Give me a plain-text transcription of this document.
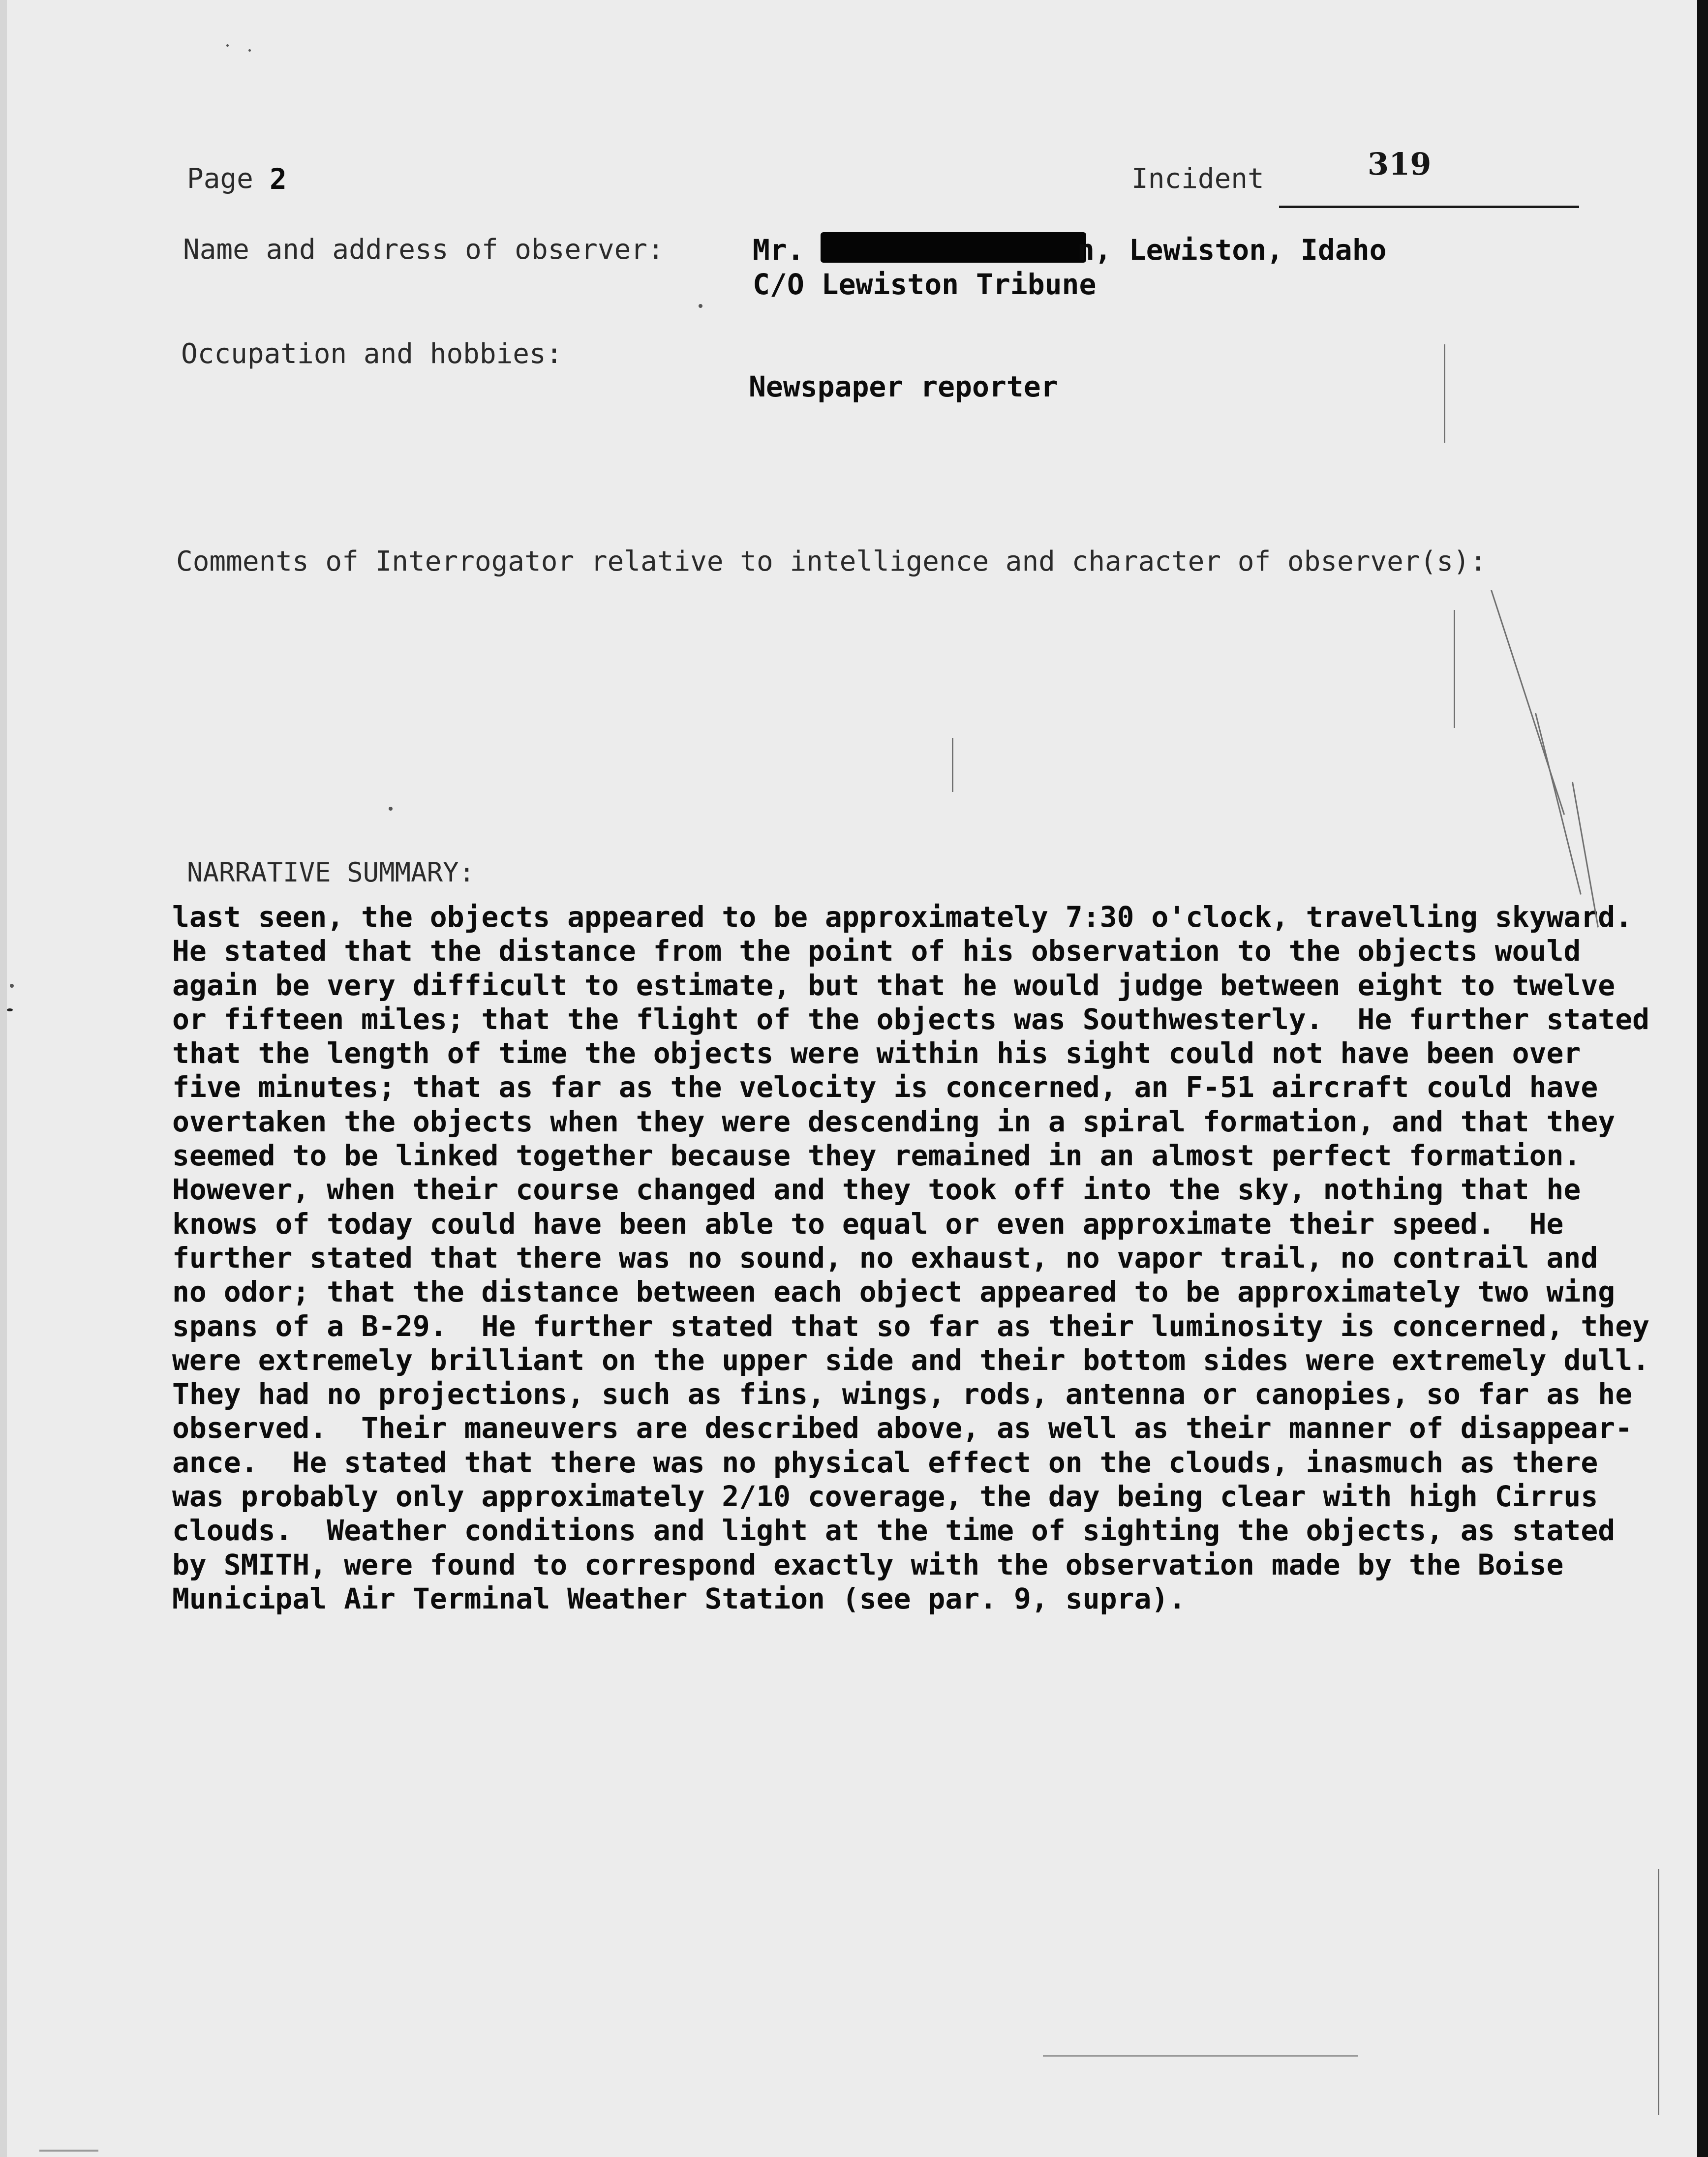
Page 2	Incident	319
Name and address of observer:	Mr.	n, Lewiston, Idaho
C/O Lewiston Tribune
Occupation and hobbies:
Newspaper reporter
Comments of Interrogator relative to intelligence and character of observer(s):
NARRATIVE SUMMARY:
last seen, the objects appeared to be approximately 7:30 o'clock, travelling skyward.
He stated that the distance from the point of his observation to the objects would
again be very difficult to estimate, but that he would judge between eight to twelve
or fifteen miles; that the flight of the objects was Southwesterly.  He further stated
that the length of time the objects were within his sight could not have been over
five minutes; that as far as the velocity is concerned, an F-51 aircraft could have
overtaken the objects when they were descending in a spiral formation, and that they
seemed to be linked together because they remained in an almost perfect formation.
However, when their course changed and they took off into the sky, nothing that he
knows of today could have been able to equal or even approximate their speed.  He
further stated that there was no sound, no exhaust, no vapor trail, no contrail and
no odor; that the distance between each object appeared to be approximately two wing
spans of a B-29.  He further stated that so far as their luminosity is concerned, they
were extremely brilliant on the upper side and their bottom sides were extremely dull.
They had no projections, such as fins, wings, rods, antenna or canopies, so far as he
observed.  Their maneuvers are described above, as well as their manner of disappear-
ance.  He stated that there was no physical effect on the clouds, inasmuch as there
was probably only approximately 2/10 coverage, the day being clear with high Cirrus
clouds.  Weather conditions and light at the time of sighting the objects, as stated
by SMITH, were found to correspond exactly with the observation made by the Boise
Municipal Air Terminal Weather Station (see par. 9, supra).
